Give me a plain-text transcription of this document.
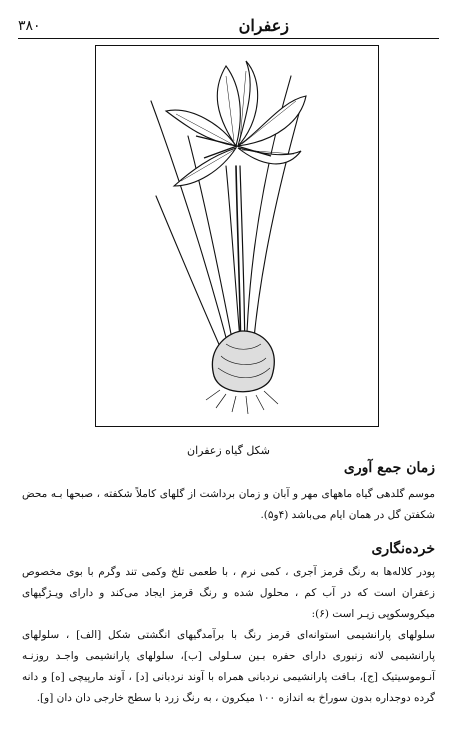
زعفران
۳۸۰
شکل گیاه زعفران
زمان جمع آوری

موسم گلدهی گیاه ماههای مهر و آبان و زمان برداشت از گلهای کاملاً شکفته ، صبحها بـه محض شکفتن گل در همان ایام می‌باشد (۴و۵).

خرده‌نگاری

پودر کلاله‌ها به رنگ قرمز آجری ، کمی نرم ، با طعمی تلخ وکمی تند وگرم با بوی مخصوص زعفران است که در آب کم ، محلول شده و رنگ قرمز ایجاد می‌کند و دارای ویـژگیهای میکروسکوپی زیـر است (۶):

سلولهای پارانشیمی استوانه‌ای قرمز رنگ با برآمدگیهای انگشتی شکل [الف] ، سلولهای پارانشیمی لانه زنبوری دارای حفره بـین سـلولی [ب]، سلولهای پارانشیمی واجـد روزنـه آنـوموسیتیک [ج]، بـافت پارانشیمی نردبانی همراه با آوند نردبانی [د] ، آوند مارپیچی [ه] و دانه گرده دوجداره بدون سوراخ به اندازه ۱۰۰ میکرون ، به رنگ زرد با سطح خارجی دان دان [و].
